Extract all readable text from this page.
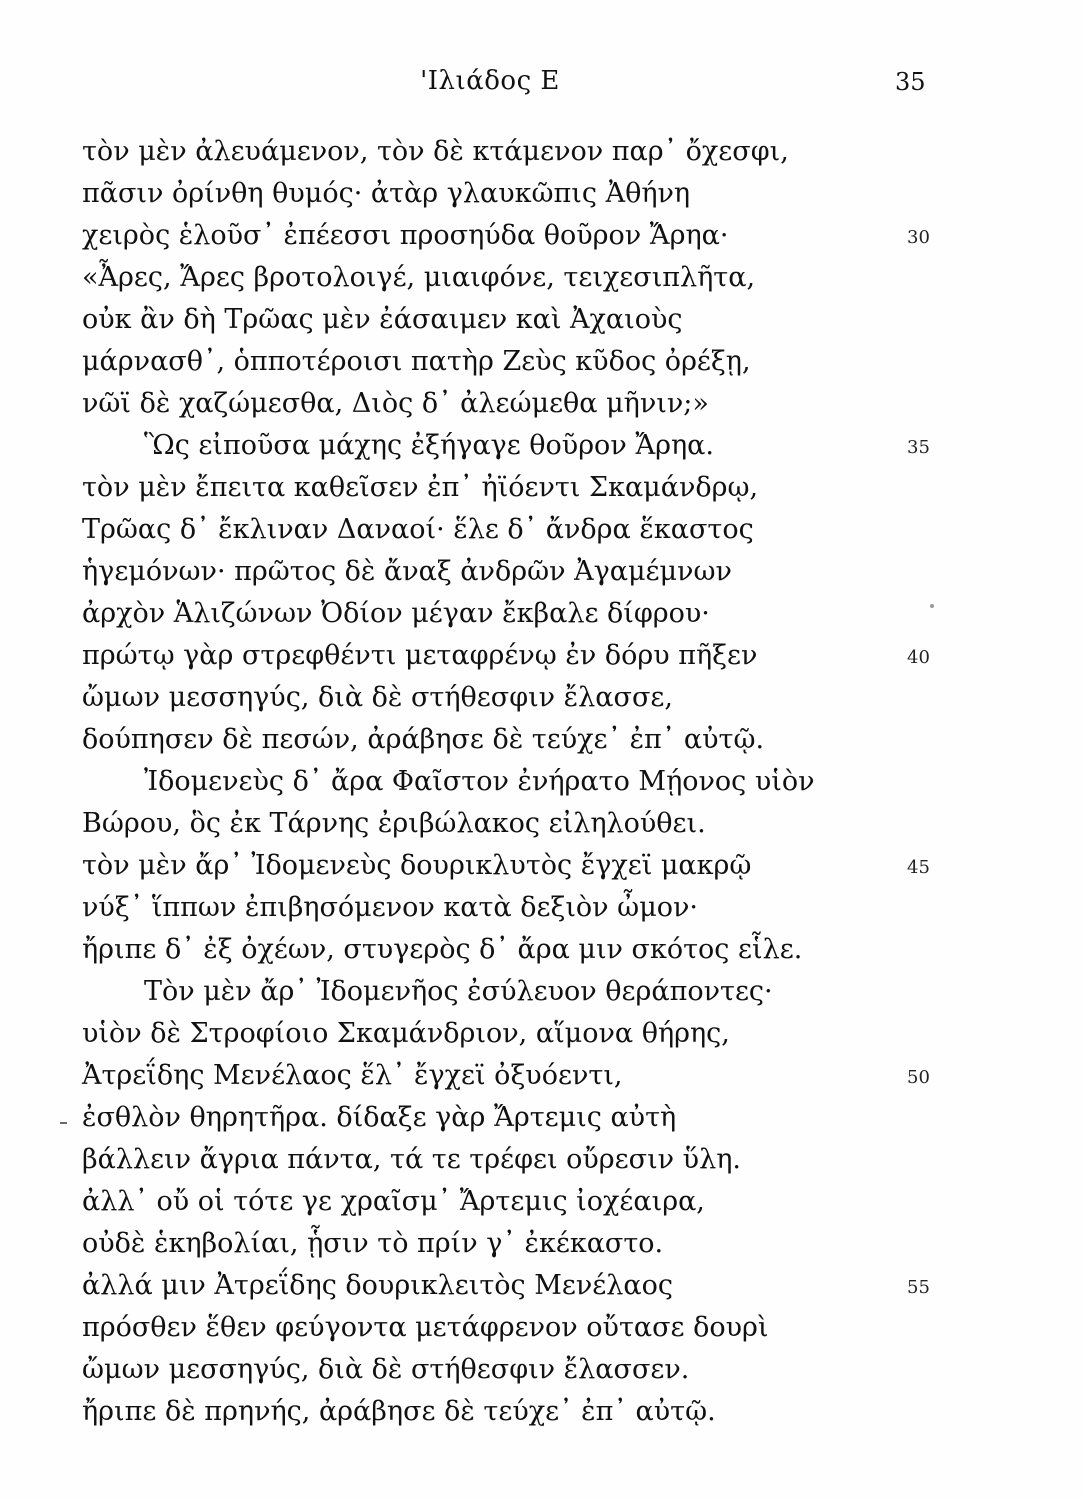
'Ιλιάδος Ε	35
τὸν μὲν ἀλευάμενον, τὸν δὲ κτάμενον παρ᾽ ὄχεσφι,
πᾶσιν ὀρίνθη θυμός· ἀτὰρ γλαυκῶπις Ἀθήνη
χειρὸς ἑλοῦσ᾽ ἐπέεσσι προσηύδα θοῦρον Ἄρηα·	30
«Ἆρες, Ἄρες βροτολοιγέ, μιαιφόνε, τειχεσιπλῆτα,
οὐκ ἂν δὴ Τρῶας μὲν ἐάσαιμεν καὶ Ἀχαιοὺς
μάρνασθ᾽, ὁπποτέροισι πατὴρ Ζεὺς κῦδος ὀρέξῃ,
νῶϊ δὲ χαζώμεσθα, Διὸς δ᾽ ἀλεώμεθα μῆνιν;»
Ὣς εἰποῦσα μάχης ἐξήγαγε θοῦρον Ἄρηα.	35
τὸν μὲν ἔπειτα καθεῖσεν ἐπ᾽ ἠϊόεντι Σκαμάνδρῳ,
Τρῶας δ᾽ ἔκλιναν Δαναοί· ἕλε δ᾽ ἄνδρα ἕκαστος
ἡγεμόνων· πρῶτος δὲ ἄναξ ἀνδρῶν Ἀγαμέμνων
ἀρχὸν Ἁλιζώνων Ὀδίον μέγαν ἔκβαλε δίφρου·
πρώτῳ γὰρ στρεφθέντι μεταφρένῳ ἐν δόρυ πῆξεν	40
ὤμων μεσσηγύς, διὰ δὲ στήθεσφιν ἔλασσε,
δούπησεν δὲ πεσών, ἀράβησε δὲ τεύχε᾽ ἐπ᾽ αὐτῷ.
Ἰδομενεὺς δ᾽ ἄρα Φαῖστον ἐνήρατο Μῄονος υἱὸν
Βώρου, ὃς ἐκ Τάρνης ἐριβώλακος εἰληλούθει.
τὸν μὲν ἄρ᾽ Ἰδομενεὺς δουρικλυτὸς ἔγχεϊ μακρῷ	45
νύξ᾽ ἵππων ἐπιβησόμενον κατὰ δεξιὸν ὦμον·
ἤριπε δ᾽ ἐξ ὀχέων, στυγερὸς δ᾽ ἄρα μιν σκότος εἷλε.
Τὸν μὲν ἄρ᾽ Ἰδομενῆος ἐσύλευον θεράποντες·
υἱὸν δὲ Στροφίοιο Σκαμάνδριον, αἵμονα θήρης,
Ἀτρεΐδης Μενέλαος ἕλ᾽ ἔγχεϊ ὀξυόεντι,	50
ἐσθλὸν θηρητῆρα. δίδαξε γὰρ Ἄρτεμις αὐτὴ
βάλλειν ἄγρια πάντα, τά τε τρέφει οὔρεσιν ὕλη.
ἀλλ᾽ οὔ οἱ τότε γε χραῖσμ᾽ Ἄρτεμις ἰοχέαιρα,
οὐδὲ ἑκηβολίαι, ᾗσιν τὸ πρίν γ᾽ ἐκέκαστο.
ἀλλά μιν Ἀτρεΐδης δουρικλειτὸς Μενέλαος	55
πρόσθεν ἕθεν φεύγοντα μετάφρενον οὔτασε δουρὶ
ὤμων μεσσηγύς, διὰ δὲ στήθεσφιν ἔλασσεν.
ἤριπε δὲ πρηνής, ἀράβησε δὲ τεύχε᾽ ἐπ᾽ αὐτῷ.
